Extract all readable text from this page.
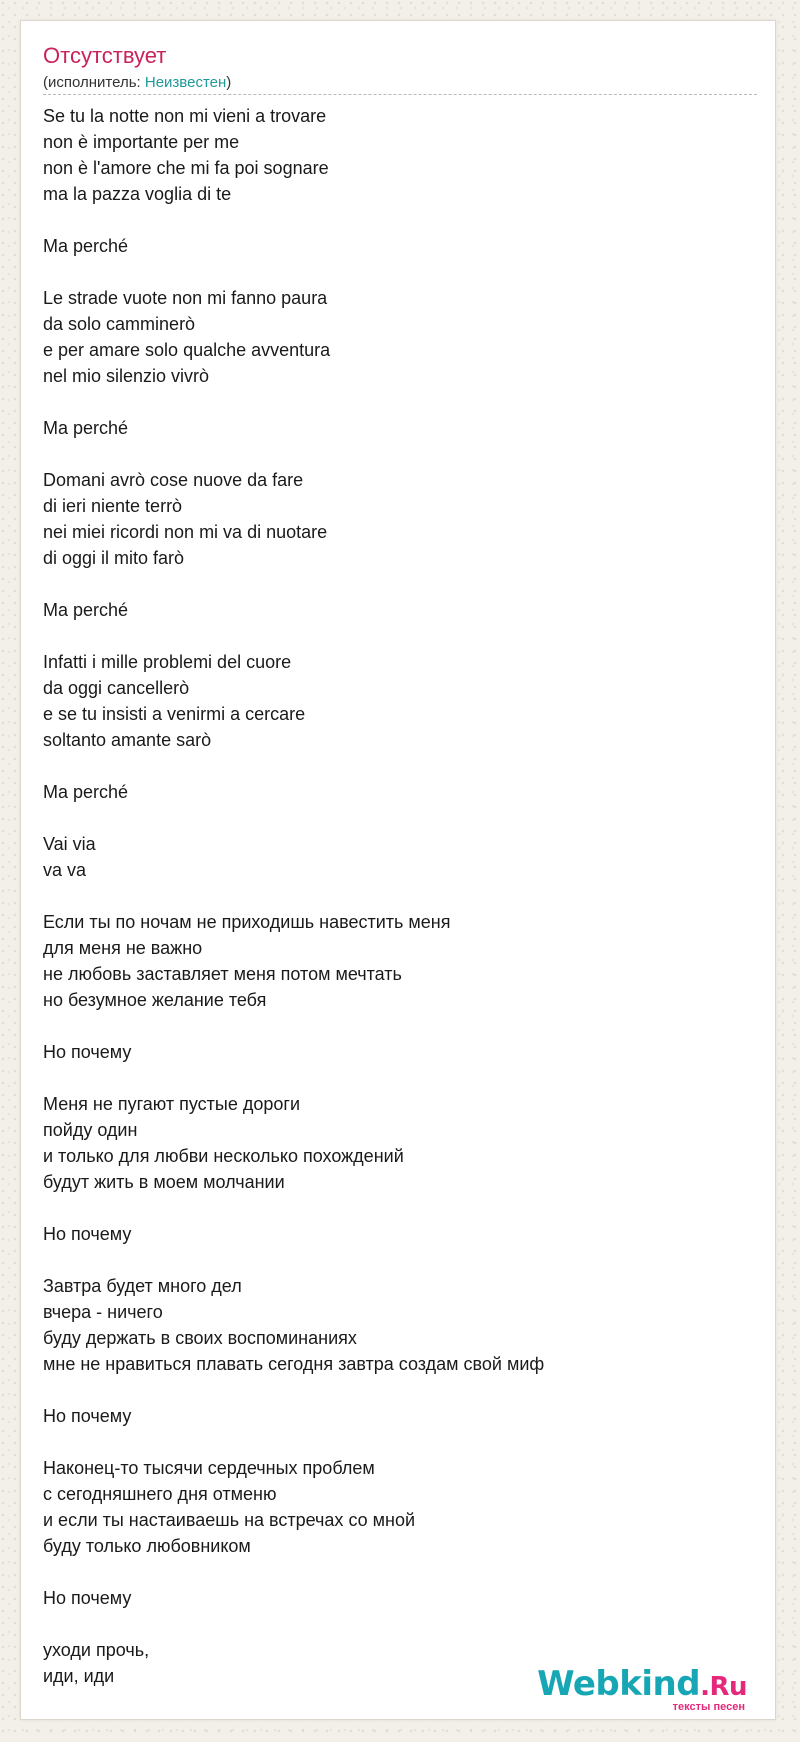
Отсутствует
(исполнитель: Неизвестен)
Se tu la notte non mi vieni a trovare
non è importante per me
non è l'amore che mi fa poi sognare
ma la pazza voglia di te
Ma perché
Le strade vuote non mi fanno paura
da solo camminerò
e per amare solo qualche avventura
nel mio silenzio vivrò
Ma perché
Domani avrò cose nuove da fare
di ieri niente terrò
nei miei ricordi non mi va di nuotare
di oggi il mito farò
Ma perché
Infatti i mille problemi del cuore
da oggi cancellerò
e se tu insisti a venirmi a cercare
soltanto amante sarò
Ma perché
Vai via
va va
Если ты по ночам не приходишь навестить меня
для меня не важно
не любовь заставляет меня потом мечтать
но безумное желание тебя
Но почему
Меня не пугают пустые дороги
пойду один
и только для любви несколько похождений
будут жить в моем молчании
Но почему
Завтра будет много дел
вчера - ничего
буду держать в своих воспоминаниях
мне не нравиться плавать сегодня завтра создам свой миф
Но почему
Наконец-то тысячи сердечных проблем
с сегодняшнего дня отменю
и если ты настаиваешь на встречах со мной
буду только любовником
Но почему
уходи прочь,
иди, иди	Webkind.Ru
тексты песен
